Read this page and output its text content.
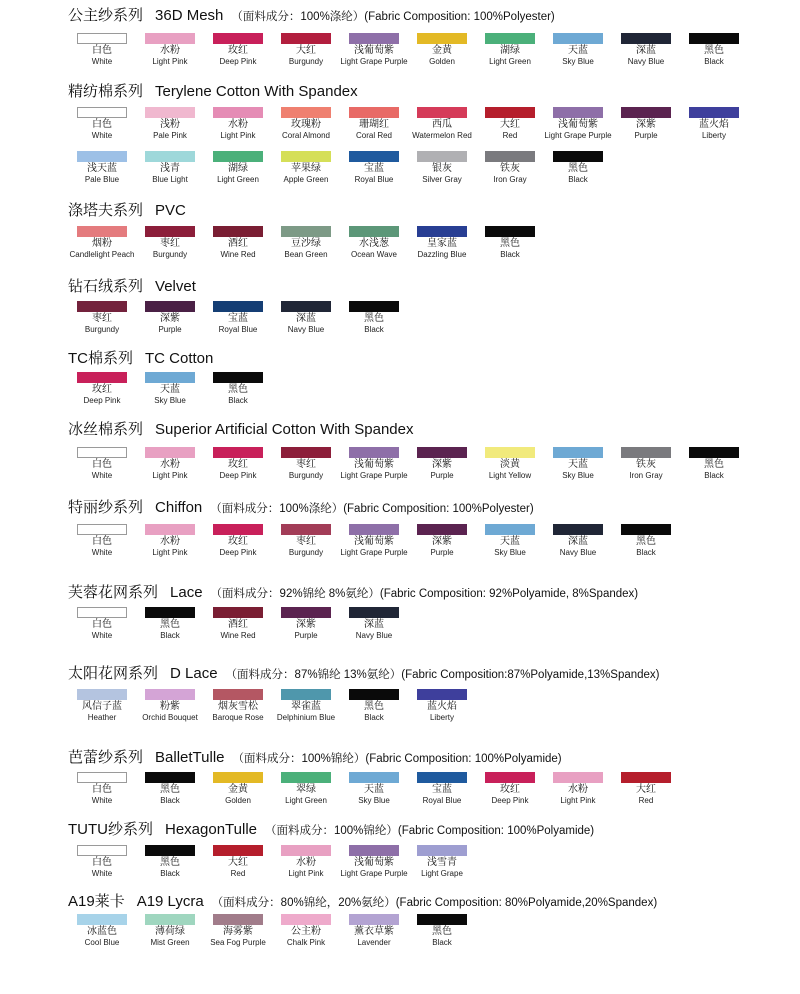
公主纱系列 36D Mesh （面料成分：100%涤纶）(Fabric Composition: 100%Polyester)
白色
White
水粉
Light Pink
玫红
Deep Pink
大红
Burgundy
浅葡萄紫
Light Grape Purple
金黄
Golden
湖绿
Light Green
天蓝
Sky Blue
深蓝
Navy Blue
黑色
Black
精纺棉系列 Terylene Cotton With Spandex
白色
White
浅粉
Pale Pink
水粉
Light Pink
玫瑰粉
Coral Almond
珊瑚红
Coral Red
西瓜
Watermelon Red
大红
Red
浅葡萄紫
Light Grape Purple
深紫
Purple
蓝火焰
Liberty
浅天蓝
Pale Blue
浅青
Blue Light
湖绿
Light Green
苹果绿
Apple Green
宝蓝
Royal Blue
银灰
Silver Gray
铁灰
Iron Gray
黑色
Black
涤塔夫系列 PVC
烟粉
Candlelight Peach
枣红
Burgundy
酒红
Wine Red
豆沙绿
Bean Green
水浅葱
Ocean Wave
皇家蓝
Dazzling Blue
黑色
Black
钻石绒系列 Velvet
枣红
Burgundy
深紫
Purple
宝蓝
Royal Blue
深蓝
Navy Blue
黑色
Black
TC棉系列 TC Cotton
玫红
Deep Pink
天蓝
Sky Blue
黑色
Black
冰丝棉系列 Superior Artificial Cotton With Spandex
白色
White
水粉
Light Pink
玫红
Deep Pink
枣红
Burgundy
浅葡萄紫
Light Grape Purple
深紫
Purple
淡黄
Light Yellow
天蓝
Sky Blue
铁灰
Iron Gray
黑色
Black
特丽纱系列 Chiffon （面料成分：100%涤纶）(Fabric Composition: 100%Polyester)
白色
White
水粉
Light Pink
玫红
Deep Pink
枣红
Burgundy
浅葡萄紫
Light Grape Purple
深紫
Purple
天蓝
Sky Blue
深蓝
Navy Blue
黑色
Black
芙蓉花网系列 Lace （面料成分：92%锦纶 8%氨纶）(Fabric Composition: 92%Polyamide, 8%Spandex)
白色
White
黑色
Black
酒红
Wine Red
深紫
Purple
深蓝
Navy Blue
太阳花网系列 D Lace （面料成分：87%锦纶 13%氨纶）(Fabric Composition:87%Polyamide,13%Spandex)
风信子蓝
Heather
粉紫
Orchid Bouquet
烟灰雪松
Baroque Rose
翠雀蓝
Delphinium Blue
黑色
Black
蓝火焰
Liberty
芭蕾纱系列 BalletTulle （面料成分：100%锦纶）(Fabric Composition: 100%Polyamide)
白色
White
黑色
Black
金黄
Golden
翠绿
Light Green
天蓝
Sky Blue
宝蓝
Royal Blue
玫红
Deep Pink
水粉
Light Pink
大红
Red
TUTU纱系列 HexagonTulle （面料成分：100%锦纶）(Fabric Composition: 100%Polyamide)
白色
White
黑色
Black
大红
Red
水粉
Light Pink
浅葡萄紫
Light Grape Purple
浅雪青
Light Grape
A19莱卡 A19 Lycra （面料成分：80%锦纶，20%氨纶）(Fabric Composition: 80%Polyamide,20%Spandex)
冰蓝色
Cool Blue
薄荷绿
Mist Green
海雾紫
Sea Fog Purple
公主粉
Chalk Pink
薰衣草紫
Lavender
黑色
Black
